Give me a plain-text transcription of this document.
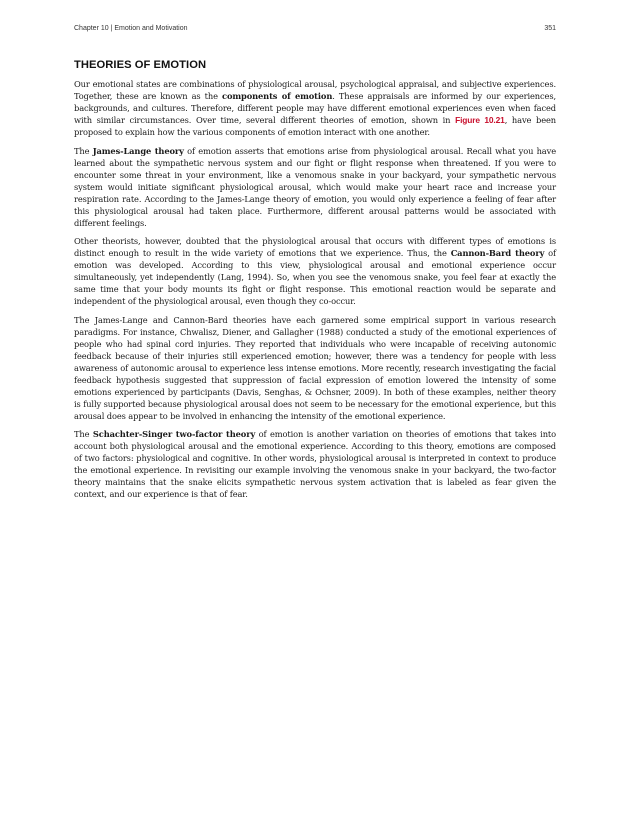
Chapter 10 | Emotion and Motivation	351
THEORIES OF EMOTION

Our emotional states are combinations of physiological arousal, psychological appraisal, and subjective experiences. Together, these are known as the components of emotion. These appraisals are informed by our experiences, backgrounds, and cultures. Therefore, different people may have different emotional experiences even when faced with similar circumstances. Over time, several different theories of emotion, shown in Figure 10.21, have been proposed to explain how the various components of emotion interact with one another.

The James-Lange theory of emotion asserts that emotions arise from physiological arousal. Recall what you have learned about the sympathetic nervous system and our fight or flight response when threatened. If you were to encounter some threat in your environment, like a venomous snake in your backyard, your sympathetic nervous system would initiate significant physiological arousal, which would make your heart race and increase your respiration rate. According to the James-Lange theory of emotion, you would only experience a feeling of fear after this physiological arousal had taken place. Furthermore, different arousal patterns would be associated with different feelings.

Other theorists, however, doubted that the physiological arousal that occurs with different types of emotions is distinct enough to result in the wide variety of emotions that we experience. Thus, the Cannon-Bard theory of emotion was developed. According to this view, physiological arousal and emotional experience occur simultaneously, yet independently (Lang, 1994). So, when you see the venomous snake, you feel fear at exactly the same time that your body mounts its fight or flight response. This emotional reaction would be separate and independent of the physiological arousal, even though they co-occur.

The James-Lange and Cannon-Bard theories have each garnered some empirical support in various research paradigms. For instance, Chwalisz, Diener, and Gallagher (1988) conducted a study of the emotional experiences of people who had spinal cord injuries. They reported that individuals who were incapable of receiving autonomic feedback because of their injuries still experienced emotion; however, there was a tendency for people with less awareness of autonomic arousal to experience less intense emotions. More recently, research investigating the facial feedback hypothesis suggested that suppression of facial expression of emotion lowered the intensity of some emotions experienced by participants (Davis, Senghas, & Ochsner, 2009). In both of these examples, neither theory is fully supported because physiological arousal does not seem to be necessary for the emotional experience, but this arousal does appear to be involved in enhancing the intensity of the emotional experience.

The Schachter-Singer two-factor theory of emotion is another variation on theories of emotions that takes into account both physiological arousal and the emotional experience. According to this theory, emotions are composed of two factors: physiological and cognitive. In other words, physiological arousal is interpreted in context to produce the emotional experience. In revisiting our example involving the venomous snake in your backyard, the two-factor theory maintains that the snake elicits sympathetic nervous system activation that is labeled as fear given the context, and our experience is that of fear.
